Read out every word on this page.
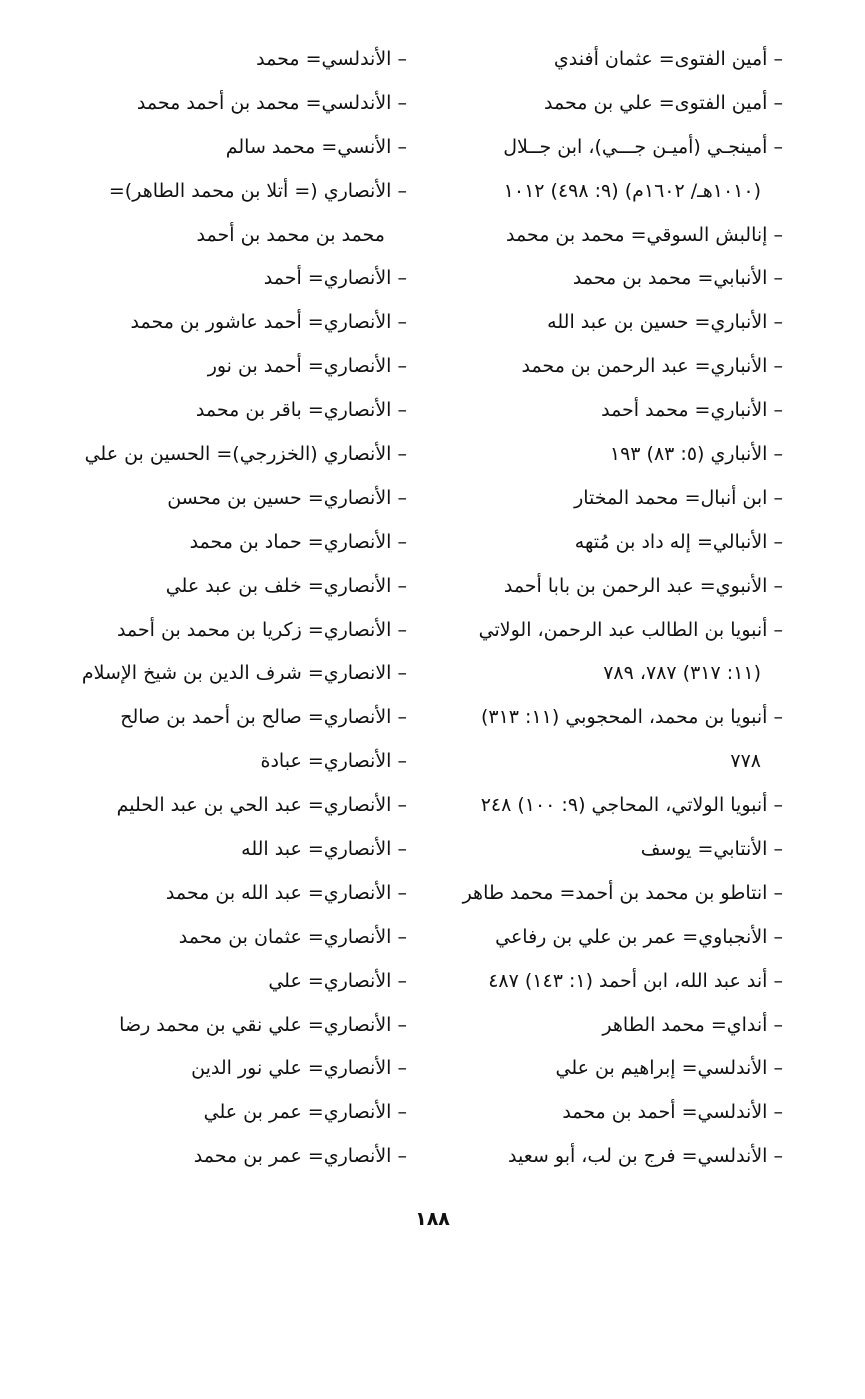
– أمين الفتوى= عثمان أفندي
– أمين الفتوى= علي بن محمد
– أمينجـي (أميـن جـــي)، ابن جــلال
(١٠١٠هـ/ ١٦٠٢م) (٩: ٤٩٨) ١٠١٢
– إنالبش السوقي= محمد بن محمد
– الأنبابي= محمد بن محمد
– الأنباري= حسين بن عبد الله
– الأنباري= عبد الرحمن بن محمد
– الأنباري= محمد أحمد
– الأنباري (٥: ٨٣) ١٩٣
– ابن أنبال= محمد المختار
– الأنبالي= إله داد بن مُتهه
– الأنبوي= عبد الرحمن بن بابا أحمد
– أنبويا بن الطالب عبد الرحمن، الولاتي
(١١: ٣١٧) ٧٨٧، ٧٨٩
– أنبويا بن محمد، المحجوبي (١١: ٣١٣)
٧٧٨
– أنبويا الولاتي، المحاجي (٩: ١٠٠) ٢٤٨
– الأنتابي= يوسف
– انتاطو بن محمد بن أحمد= محمد طاهر
– الأنجباوي= عمر بن علي بن رفاعي
– أند عبد الله، ابن أحمد (١: ١٤٣) ٤٨٧
– أنداي= محمد الطاهر
– الأندلسي= إبراهيم بن علي
– الأندلسي= أحمد بن محمد
– الأندلسي= فرج بن لب، أبو سعيد
– الأندلسي= محمد
– الأندلسي= محمد بن أحمد محمد
– الأنسي= محمد سالم
– الأنصاري (= أتلا بن محمد الطاهر)=
محمد بن محمد بن أحمد
– الأنصاري= أحمد
– الأنصاري= أحمد عاشور بن محمد
– الأنصاري= أحمد بن نور
– الأنصاري= باقر بن محمد
– الأنصاري (الخزرجي)= الحسين بن علي
– الأنصاري= حسين بن محسن
– الأنصاري= حماد بن محمد
– الأنصاري= خلف بن عبد علي
– الأنصاري= زكريا بن محمد بن أحمد
– الانصاري= شرف الدين بن شيخ الإسلام
– الأنصاري= صالح بن أحمد بن صالح
– الأنصاري= عبادة
– الأنصاري= عبد الحي بن عبد الحليم
– الأنصاري= عبد الله
– الأنصاري= عبد الله بن محمد
– الأنصاري= عثمان بن محمد
– الأنصاري= علي
– الأنصاري= علي نقي بن محمد رضا
– الأنصاري= علي نور الدين
– الأنصاري= عمر بن علي
– الأنصاري= عمر بن محمد
١٨٨
